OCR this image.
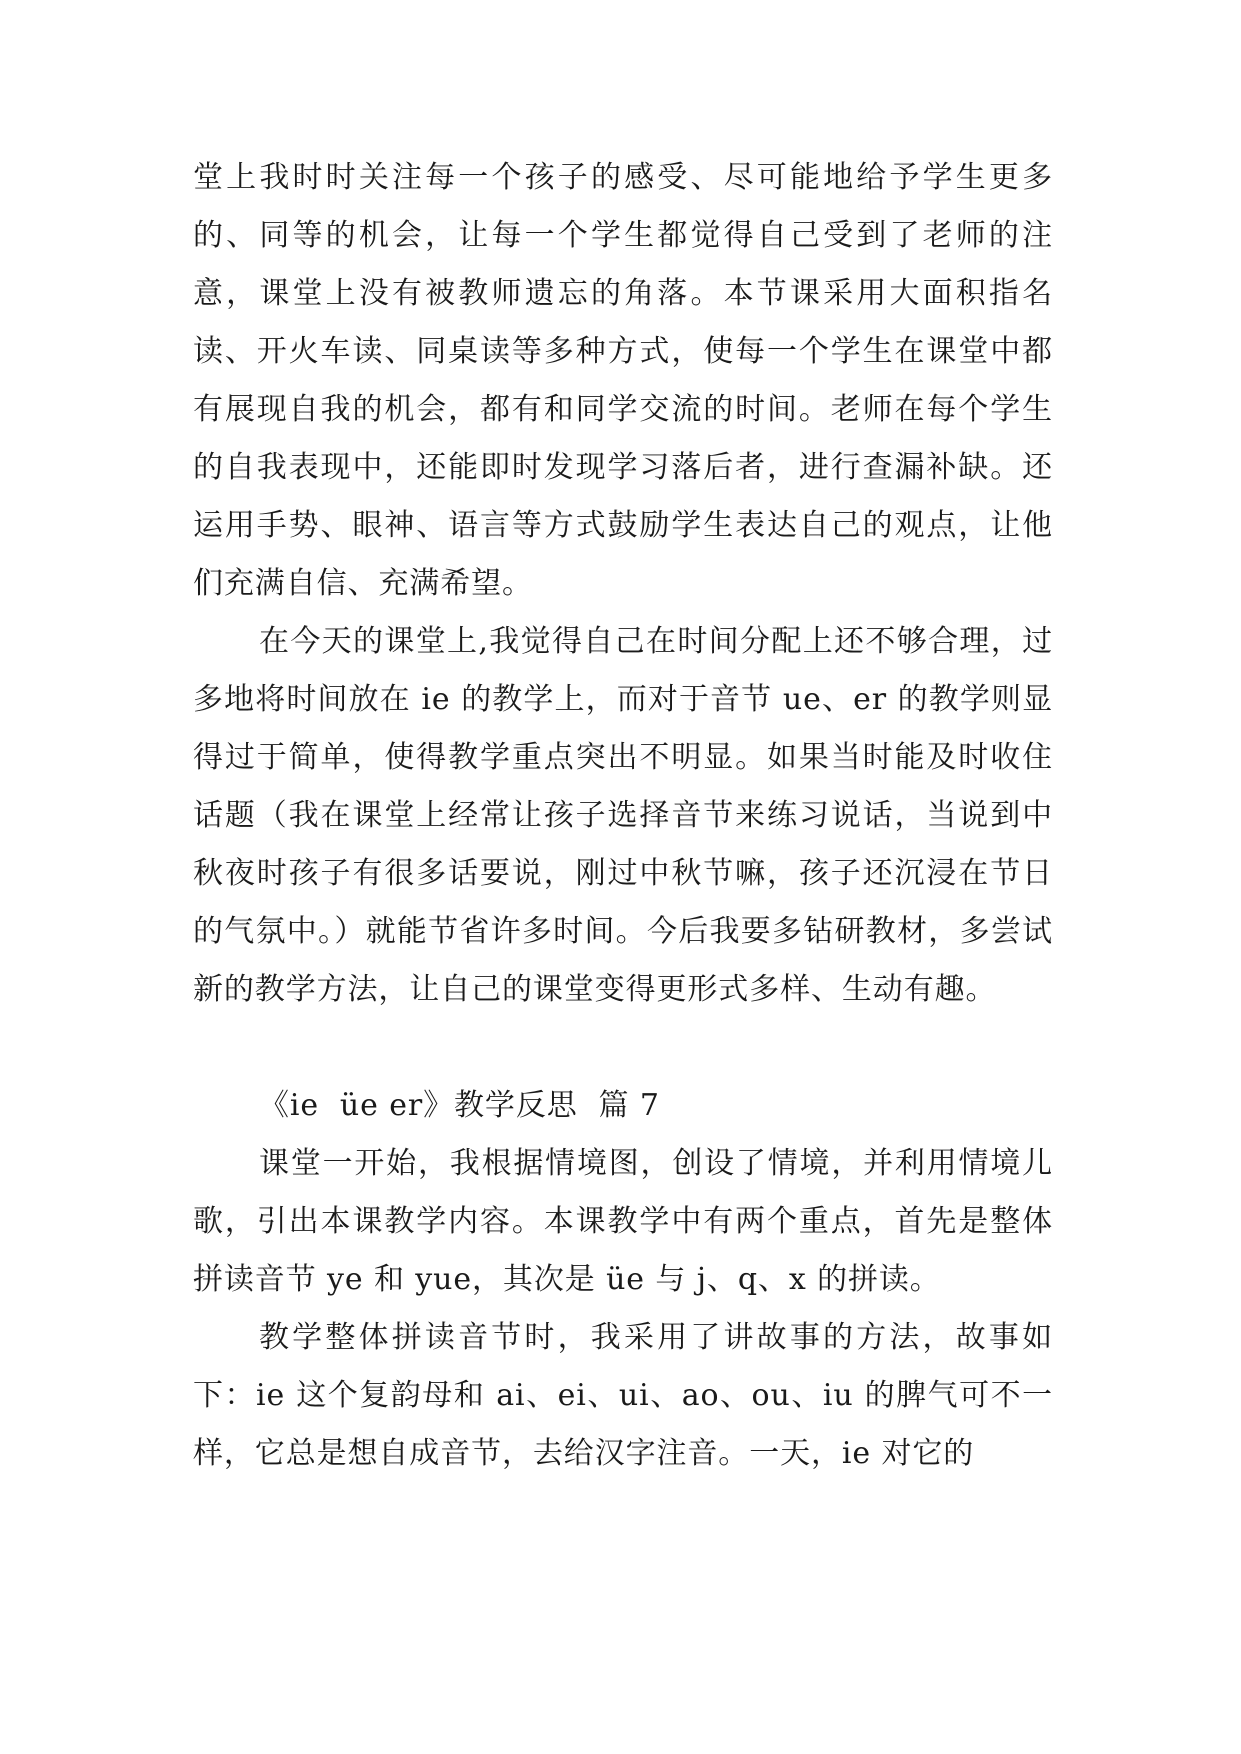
堂上我时时关注每一个孩子的感受、尽可能地给予学生更多的、同等的机会，让每一个学生都觉得自己受到了老师的注意，课堂上没有被教师遗忘的角落。本节课采用大面积指名读、开火车读、同桌读等多种方式，使每一个学生在课堂中都有展现自我的机会，都有和同学交流的时间。老师在每个学生的自我表现中，还能即时发现学习落后者，进行查漏补缺。还运用手势、眼神、语言等方式鼓励学生表达自己的观点，让他们充满自信、充满希望。

在今天的课堂上,我觉得自己在时间分配上还不够合理，过多地将时间放在 ie 的教学上，而对于音节 ue、er 的教学则显得过于简单，使得教学重点突出不明显。如果当时能及时收住话题（我在课堂上经常让孩子选择音节来练习说话，当说到中秋夜时孩子有很多话要说，刚过中秋节嘛，孩子还沉浸在节日的气氛中。）就能节省许多时间。今后我要多钻研教材，多尝试新的教学方法，让自己的课堂变得更形式多样、生动有趣。

《ie  üe er》教学反思  篇 7

课堂一开始，我根据情境图，创设了情境，并利用情境儿歌，引出本课教学内容。本课教学中有两个重点，首先是整体拼读音节 ye 和 yue，其次是 üe 与 j、q、x 的拼读。

教学整体拼读音节时，我采用了讲故事的方法，故事如下：ie 这个复韵母和 ai、ei、ui、ao、ou、iu 的脾气可不一样，它总是想自成音节，去给汉字注音。一天，ie 对它的
